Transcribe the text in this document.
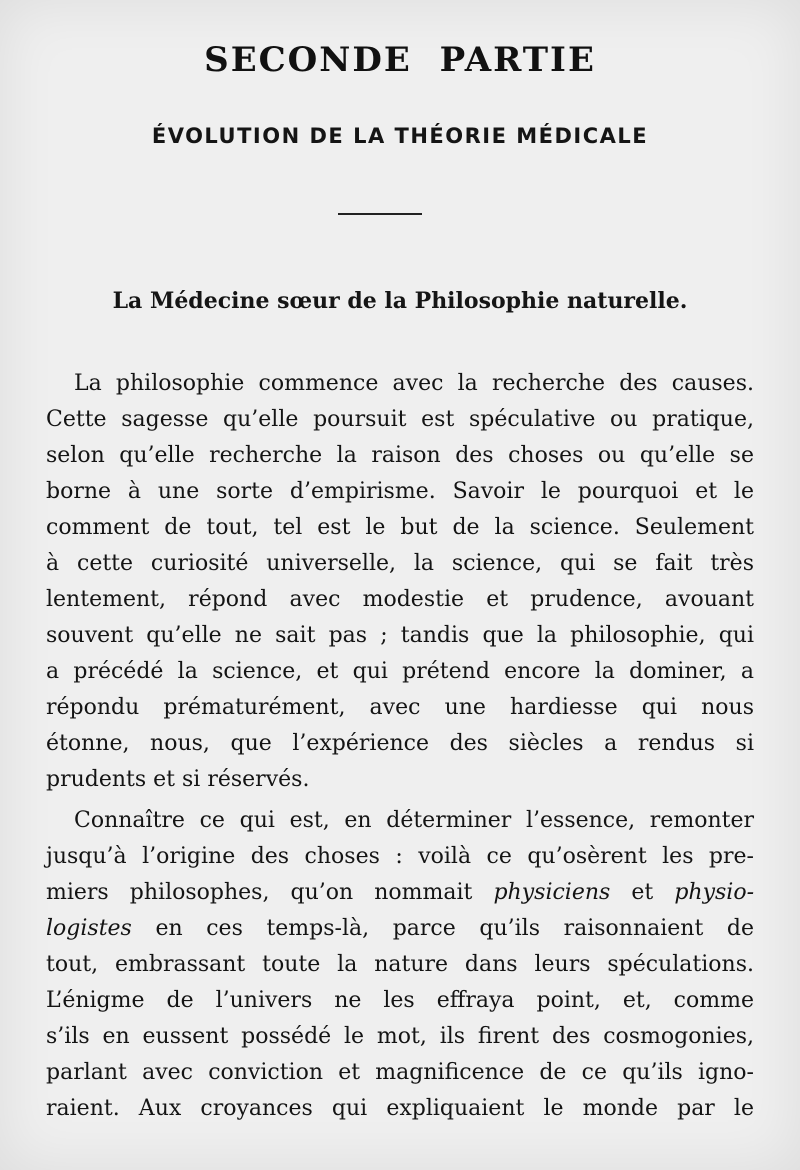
SECONDE PARTIE
ÉVOLUTION DE LA THÉORIE MÉDICALE
La Médecine sœur de la Philosophie naturelle.
La philosophie commence avec la recherche des causes.
Cette sagesse qu’elle poursuit est spéculative ou pratique,
selon qu’elle recherche la raison des choses ou qu’elle se
borne à une sorte d’empirisme. Savoir le pourquoi et le
comment de tout, tel est le but de la science. Seulement
à cette curiosité universelle, la science, qui se fait très
lentement, répond avec modestie et prudence, avouant
souvent qu’elle ne sait pas ; tandis que la philosophie, qui
a précédé la science, et qui prétend encore la dominer, a
répondu prématurément, avec une hardiesse qui nous
étonne, nous, que l’expérience des siècles a rendus si
prudents et si réservés.
Connaître ce qui est, en déterminer l’essence, remonter
jusqu’à l’origine des choses : voilà ce qu’osèrent les pre-
miers philosophes, qu’on nommait physiciens et physio-
logistes en ces temps-là, parce qu’ils raisonnaient de
tout, embrassant toute la nature dans leurs spéculations.
L’énigme de l’univers ne les effraya point, et, comme
s’ils en eussent possédé le mot, ils firent des cosmogonies,
parlant avec conviction et magnificence de ce qu’ils igno-
raient. Aux croyances qui expliquaient le monde par le
